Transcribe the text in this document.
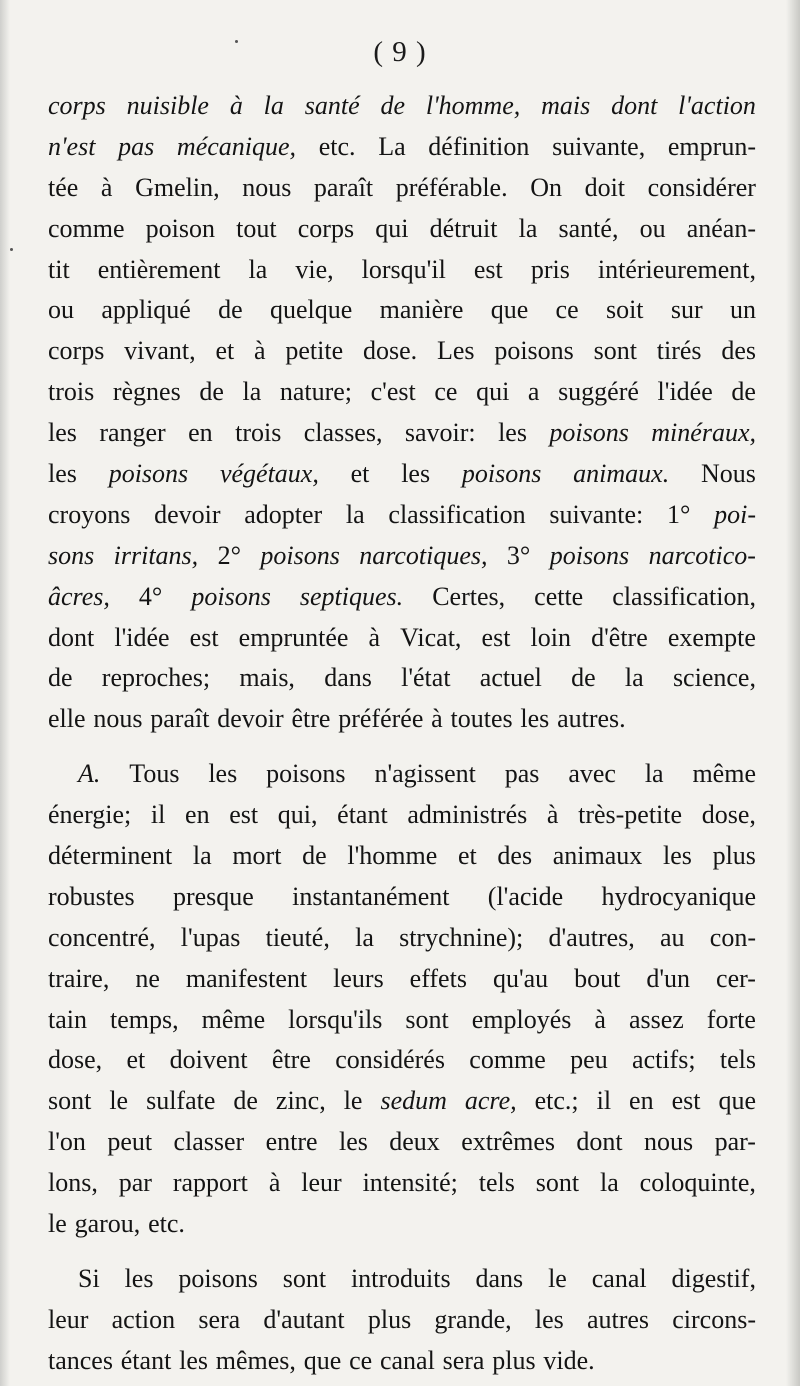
( 9 )
corps nuisible à la santé de l'homme, mais dont l'action
n'est pas mécanique, etc. La définition suivante, emprun-
tée à Gmelin, nous paraît préférable. On doit considérer
comme poison tout corps qui détruit la santé, ou anéan-
tit entièrement la vie, lorsqu'il est pris intérieurement,
ou appliqué de quelque manière que ce soit sur un
corps vivant, et à petite dose. Les poisons sont tirés des
trois règnes de la nature; c'est ce qui a suggéré l'idée de
les ranger en trois classes, savoir: les poisons minéraux,
les poisons végétaux, et les poisons animaux. Nous
croyons devoir adopter la classification suivante: 1° poi-
sons irritans, 2° poisons narcotiques, 3° poisons narcotico-
âcres, 4° poisons septiques. Certes, cette classification,
dont l'idée est empruntée à Vicat, est loin d'être exempte
de reproches; mais, dans l'état actuel de la science,
elle nous paraît devoir être préférée à toutes les autres.
A. Tous les poisons n'agissent pas avec la même
énergie; il en est qui, étant administrés à très-petite dose,
déterminent la mort de l'homme et des animaux les plus
robustes presque instantanément (l'acide hydrocyanique
concentré, l'upas tieuté, la strychnine); d'autres, au con-
traire, ne manifestent leurs effets qu'au bout d'un cer-
tain temps, même lorsqu'ils sont employés à assez forte
dose, et doivent être considérés comme peu actifs; tels
sont le sulfate de zinc, le sedum acre, etc.; il en est que
l'on peut classer entre les deux extrêmes dont nous par-
lons, par rapport à leur intensité; tels sont la coloquinte,
le garou, etc.
Si les poisons sont introduits dans le canal digestif,
leur action sera d'autant plus grande, les autres circons-
tances étant les mêmes, que ce canal sera plus vide.
